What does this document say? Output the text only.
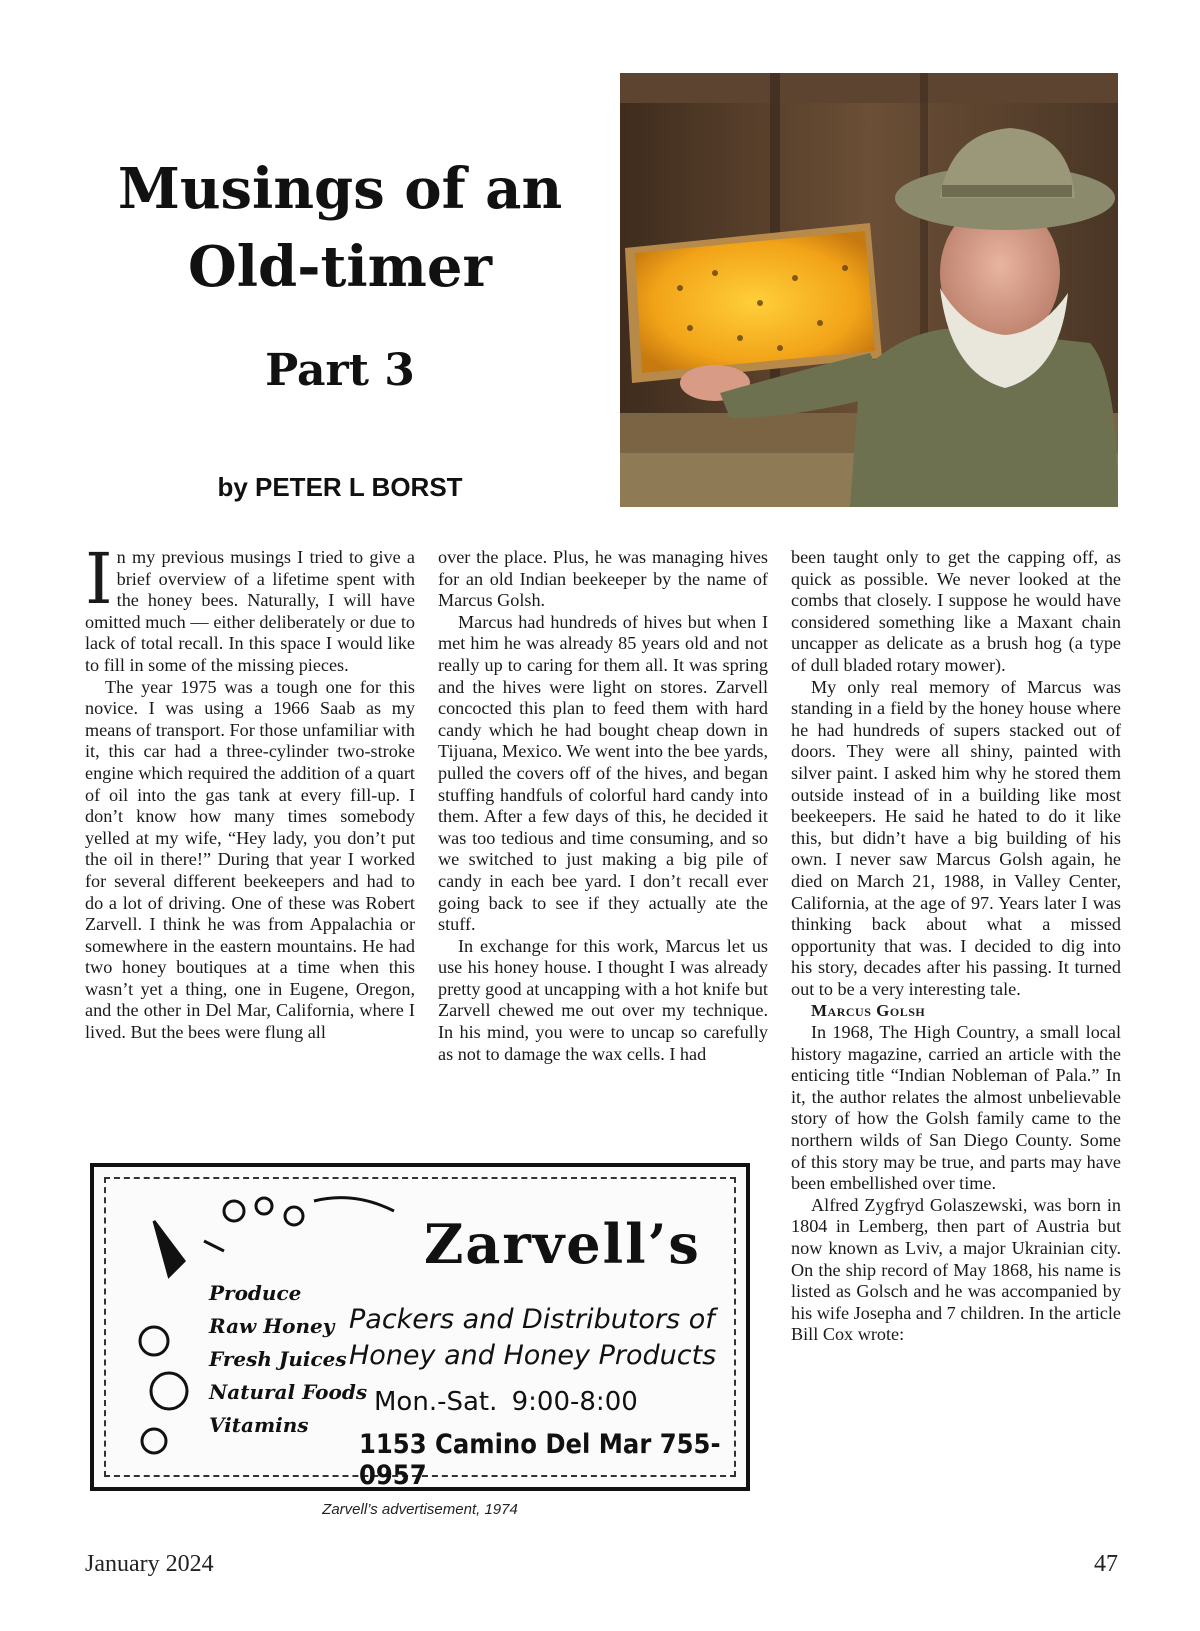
Musings of an
Old-timer
Part 3
by PETER L BORST

In my previous musings I tried to give a brief overview of a lifetime spent with the honey bees. Naturally, I will have omitted much — either deliberately or due to lack of total recall. In this space I would like to fill in some of the missing pieces.

The year 1975 was a tough one for this novice. I was using a 1966 Saab as my means of transport. For those unfamiliar with it, this car had a three-cylinder two-stroke engine which required the addition of a quart of oil into the gas tank at every fill-up. I don’t know how many times somebody yelled at my wife, “Hey lady, you don’t put the oil in there!” During that year I worked for several different beekeepers and had to do a lot of driving. One of these was Robert Zarvell. I think he was from Appalachia or somewhere in the eastern mountains. He had two honey boutiques at a time when this wasn’t yet a thing, one in Eugene, Oregon, and the other in Del Mar, California, where I lived. But the bees were flung all

over the place. Plus, he was managing hives for an old Indian beekeeper by the name of Marcus Golsh.

Marcus had hundreds of hives but when I met him he was already 85 years old and not really up to caring for them all. It was spring and the hives were light on stores. Zarvell concocted this plan to feed them with hard candy which he had bought cheap down in Tijuana, Mexico. We went into the bee yards, pulled the covers off of the hives, and began stuffing handfuls of colorful hard candy into them. After a few days of this, he decided it was too tedious and time consuming, and so we switched to just making a big pile of candy in each bee yard. I don’t recall ever going back to see if they actually ate the stuff.

In exchange for this work, Marcus let us use his honey house. I thought I was already pretty good at uncapping with a hot knife but Zarvell chewed me out over my technique. In his mind, you were to uncap so carefully as not to damage the wax cells. I had

been taught only to get the capping off, as quick as possible. We never looked at the combs that closely. I suppose he would have considered something like a Maxant chain uncapper as delicate as a brush hog (a type of dull bladed rotary mower).

My only real memory of Marcus was standing in a field by the honey house where he had hundreds of supers stacked out of doors. They were all shiny, painted with silver paint. I asked him why he stored them outside instead of in a building like most beekeepers. He said he hated to do it like this, but didn’t have a big building of his own. I never saw Marcus Golsh again, he died on March 21, 1988, in Valley Center, California, at the age of 97. Years later I was thinking back about what a missed opportunity that was. I decided to dig into his story, decades after his passing. It turned out to be a very interesting tale.

Marcus Golsh

In 1968, The High Country, a small local history magazine, carried an article with the enticing title “Indian Nobleman of Pala.” In it, the author relates the almost unbelievable story of how the Golsh family came to the northern wilds of San Diego County. Some of this story may be true, and parts may have been embellished over time.

Alfred Zygfryd Golaszewski, was born in 1804 in Lemberg, then part of Austria but now known as Lviv, a major Ukrainian city. On the ship record of May 1868, his name is listed as Golsch and he was accompanied by his wife Josepha and 7 children. In the article Bill Cox wrote:

Zarvell’s
Produce
Raw Honey
Fresh Juices
Natural Foods
Vitamins
Packers and Distributors of
Honey and Honey Products
Mon.-Sat. 9:00-8:00
1153 Camino Del Mar 755-0957
Zarvell’s advertisement, 1974
January 2024	47
